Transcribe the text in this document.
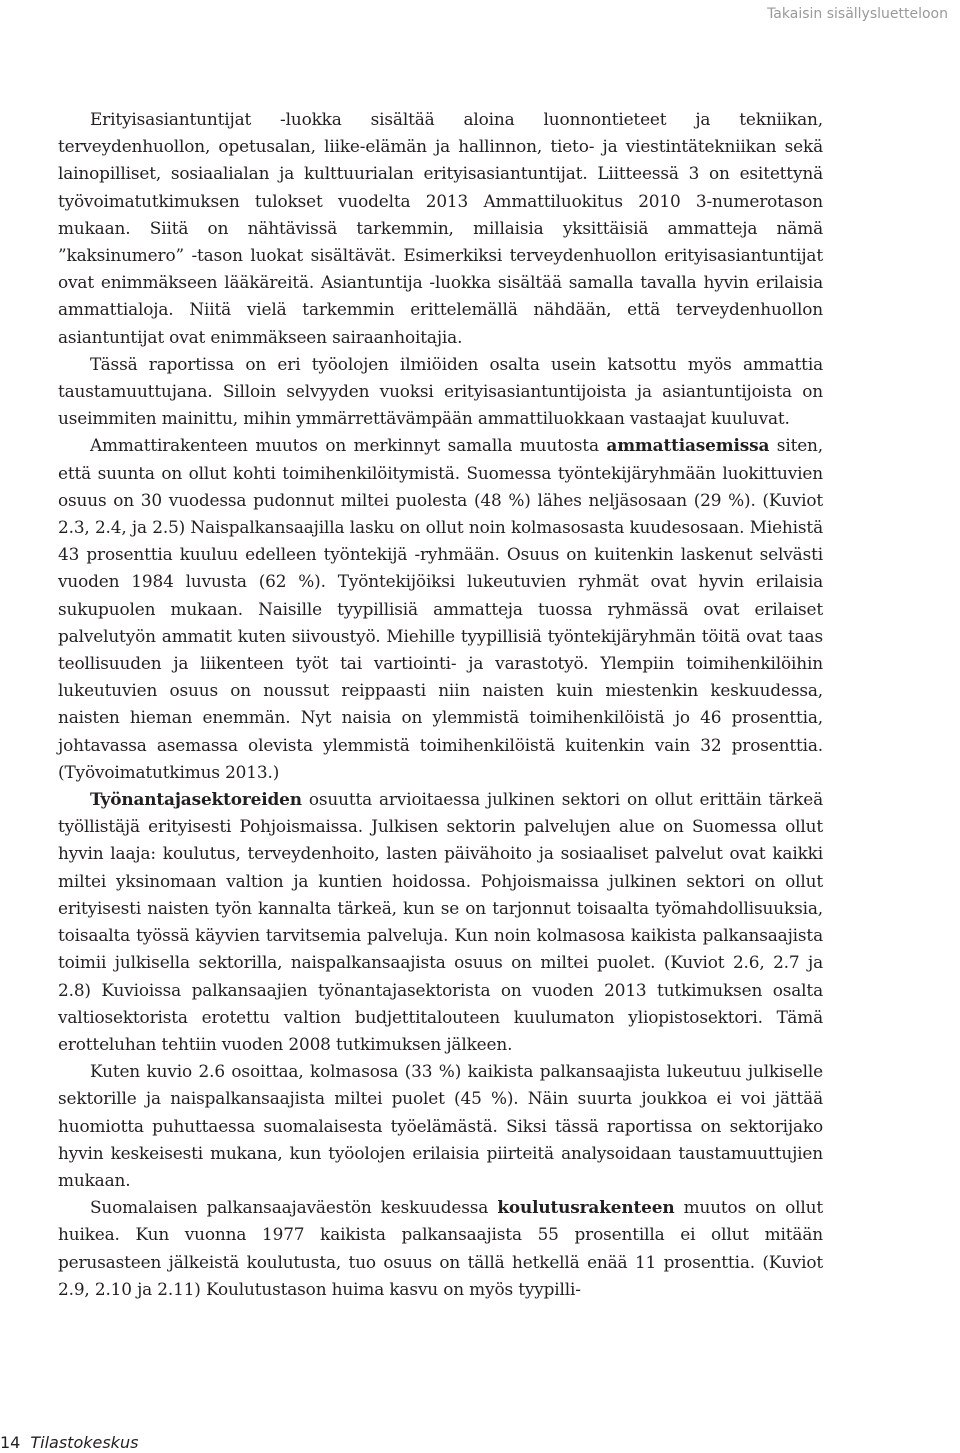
Takaisin sisällysluetteloon

Erityisasiantuntijat -luokka sisältää aloina luonnontieteet ja tekniikan, terveydenhuollon, opetusalan, liike-elämän ja hallinnon, tieto- ja viestintätekniikan sekä lainopilliset, sosiaalialan ja kulttuurialan erityisasiantuntijat. Liitteessä 3 on esitettynä työvoimatutkimuksen tulokset vuodelta 2013 Ammattiluokitus 2010 3-numerotason mukaan. Siitä on nähtävissä tarkemmin, millaisia yksittäisiä ammatteja nämä ”kaksinumero” -tason luokat sisältävät. Esimerkiksi terveydenhuollon erityisasiantuntijat ovat enimmäkseen lääkäreitä. Asiantuntija -luokka sisältää samalla tavalla hyvin erilaisia ammattialoja. Niitä vielä tarkemmin erittelemällä nähdään, että terveydenhuollon asiantuntijat ovat enimmäkseen sairaanhoitajia.

Tässä raportissa on eri työolojen ilmiöiden osalta usein katsottu myös ammattia taustamuuttujana. Silloin selvyyden vuoksi erityisasiantuntijoista ja asiantuntijoista on useimmiten mainittu, mihin ymmärrettävämpään ammattiluokkaan vastaajat kuuluvat.

Ammattirakenteen muutos on merkinnyt samalla muutosta ammattiasemissa siten, että suunta on ollut kohti toimihenkilöitymistä. Suomessa työntekijäryhmään luokittuvien osuus on 30 vuodessa pudonnut miltei puolesta (48 %) lähes neljäsosaan (29 %). (Kuviot 2.3, 2.4, ja 2.5) Naispalkansaajilla lasku on ollut noin kolmasosasta kuudesosaan. Miehistä 43 prosenttia kuuluu edelleen työntekijä -ryhmään. Osuus on kuitenkin laskenut selvästi vuoden 1984 luvusta (62 %). Työntekijöiksi lukeutuvien ryhmät ovat hyvin erilaisia sukupuolen mukaan. Naisille tyypillisiä ammatteja tuossa ryhmässä ovat erilaiset palvelutyön ammatit kuten siivoustyö. Miehille tyypillisiä työntekijäryhmän töitä ovat taas teollisuuden ja liikenteen työt tai vartiointi- ja varastotyö. Ylempiin toimihenkilöihin lukeutuvien osuus on noussut reippaasti niin naisten kuin miestenkin keskuudessa, naisten hieman enemmän. Nyt naisia on ylemmistä toimihenkilöistä jo 46 prosenttia, johtavassa asemassa olevista ylemmistä toimihenkilöistä kuitenkin vain 32 prosenttia. (Työvoimatutkimus 2013.)

Työnantajasektoreiden osuutta arvioitaessa julkinen sektori on ollut erittäin tärkeä työllistäjä erityisesti Pohjoismaissa. Julkisen sektorin palvelujen alue on Suomessa ollut hyvin laaja: koulutus, terveydenhoito, lasten päivähoito ja sosiaaliset palvelut ovat kaikki miltei yksinomaan valtion ja kuntien hoidossa. Pohjoismaissa julkinen sektori on ollut erityisesti naisten työn kannalta tärkeä, kun se on tarjonnut toisaalta työmahdollisuuksia, toisaalta työssä käyvien tarvitsemia palveluja. Kun noin kolmasosa kaikista palkansaajista toimii julkisella sektorilla, naispalkansaajista osuus on miltei puolet. (Kuviot 2.6, 2.7 ja 2.8) Kuvioissa palkansaajien työnantajasektorista on vuoden 2013 tutkimuksen osalta valtiosektorista erotettu valtion budjettitalouteen kuulumaton yliopistosektori. Tämä erotteluhan tehtiin vuoden 2008 tutkimuksen jälkeen.

Kuten kuvio 2.6 osoittaa, kolmasosa (33 %) kaikista palkansaajista lukeutuu julkiselle sektorille ja naispalkansaajista miltei puolet (45 %). Näin suurta joukkoa ei voi jättää huomiotta puhuttaessa suomalaisesta työelämästä. Siksi tässä raportissa on sektorijako hyvin keskeisesti mukana, kun työolojen erilaisia piirteitä analysoidaan taustamuuttujien mukaan.

Suomalaisen palkansaajaväestön keskuudessa koulutusrakenteen muutos on ollut huikea. Kun vuonna 1977 kaikista palkansaajista 55 prosentilla ei ollut mitään perusasteen jälkeistä koulutusta, tuo osuus on tällä hetkellä enää 11 prosenttia. (Kuviot 2.9, 2.10 ja 2.11) Koulutustason huima kasvu on myös tyypilli-

14 Tilastokeskus
